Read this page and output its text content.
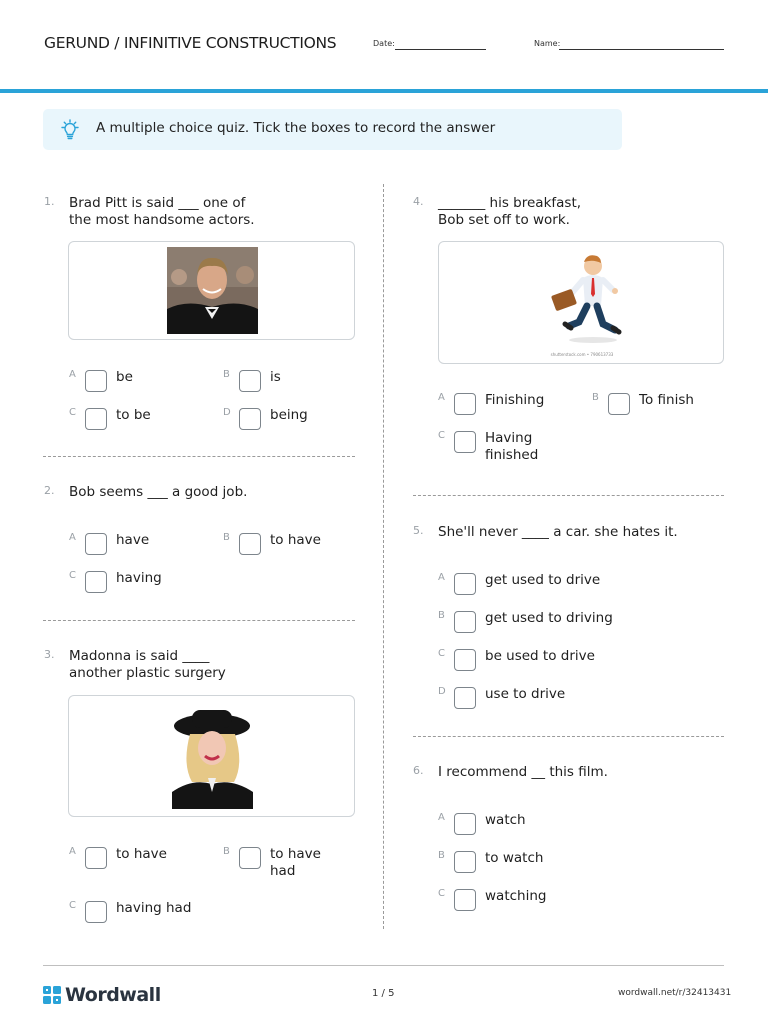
GERUND / INFINITIVE CONSTRUCTIONS	Date:	Name:
A multiple choice quiz. Tick the boxes to record the answer
1. Brad Pitt is said ___ one of
the most handsome actors.
A	be	B	is
C	to be	D	being
2. Bob seems ___ a good job.
A	have	B	to have
C	having
3. Madonna is said ____
another plastic surgery
A	to have	B	to have
had
C	having had
4. _______ his breakfast,
Bob set off to work.
shutterstock.com • 790613733
A	Finishing	B	To finish
C	Having
finished
5. She'll never ____ a car. she hates it.
A	get used to drive
B	get used to driving
C	be used to drive
D	use to drive
6. I recommend __ this film.
A	watch
B	to watch
C	watching
Wordwall	1 / 5	wordwall.net/r/32413431
